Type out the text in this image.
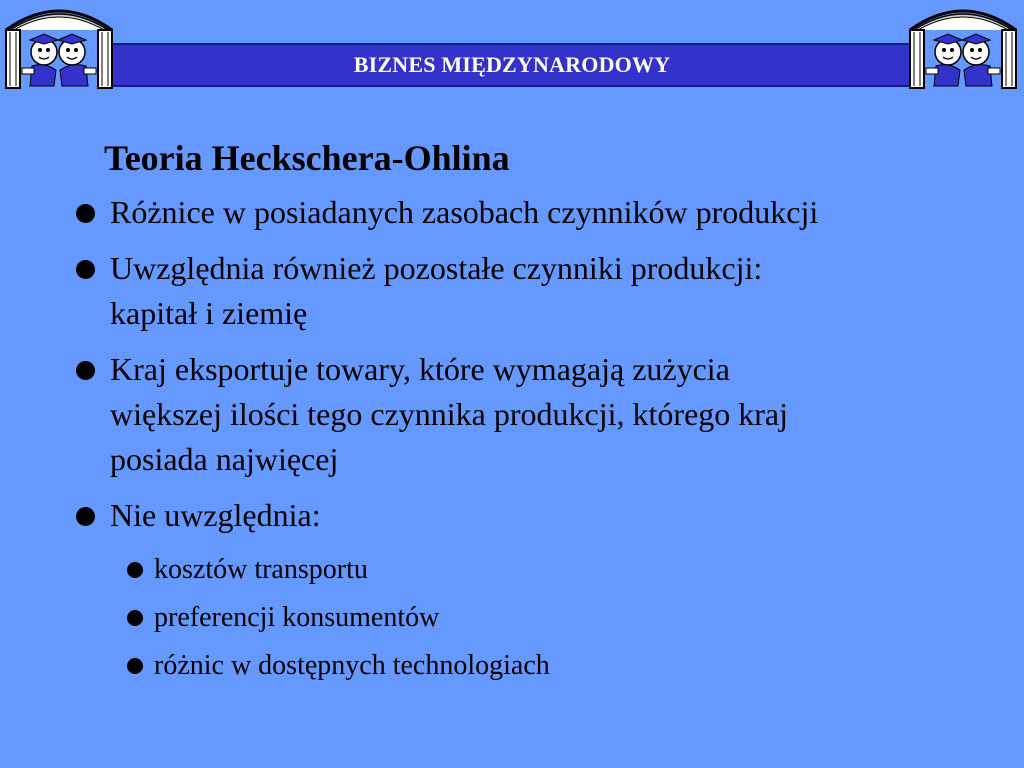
BIZNES MIĘDZYNARODOWY
Teoria Heckschera-Ohlina
Różnice w posiadanych zasobach czynników produkcji
Uwzględnia również pozostałe czynniki produkcji:
kapitał i ziemię
Kraj eksportuje towary, które wymagają zużycia
większej ilości tego czynnika produkcji, którego kraj
posiada najwięcej
Nie uwzględnia:
kosztów transportu
preferencji konsumentów
różnic w dostępnych technologiach
